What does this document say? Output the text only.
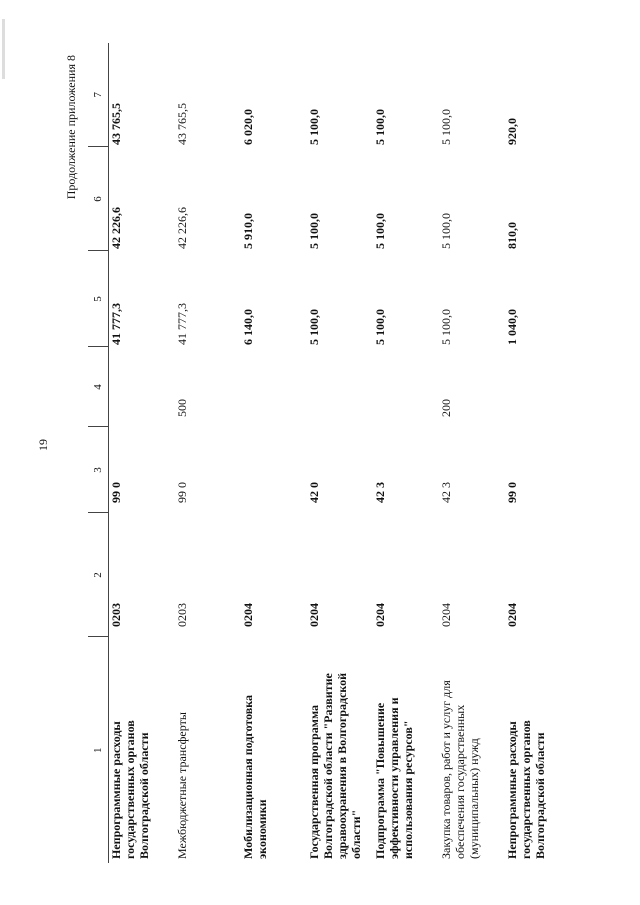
19
Продолжение приложения 8
1	2	3	4	5	6	7
Непрограммные расходы государственных органов Волгоградской области	0203	99 0		41 777,3	42 226,6	43 765,5
Межбюджетные трансферты	0203	99 0	500	41 777,3	42 226,6	43 765,5
Мобилизационная подготовка экономики	0204			6 140,0	5 910,0	6 020,0
Государственная программа Волгоградской области "Развитие здравоохранения в Волгоградской области"	0204	42 0		5 100,0	5 100,0	5 100,0
Подпрограмма "Повышение эффективности управления и использования ресурсов"	0204	42 3		5 100,0	5 100,0	5 100,0
Закупка товаров, работ и услуг для обеспечения государственных (муниципальных) нужд	0204	42 3	200	5 100,0	5 100,0	5 100,0
Непрограммные расходы государственных органов Волгоградской области	0204	99 0		1 040,0	810,0	920,0
